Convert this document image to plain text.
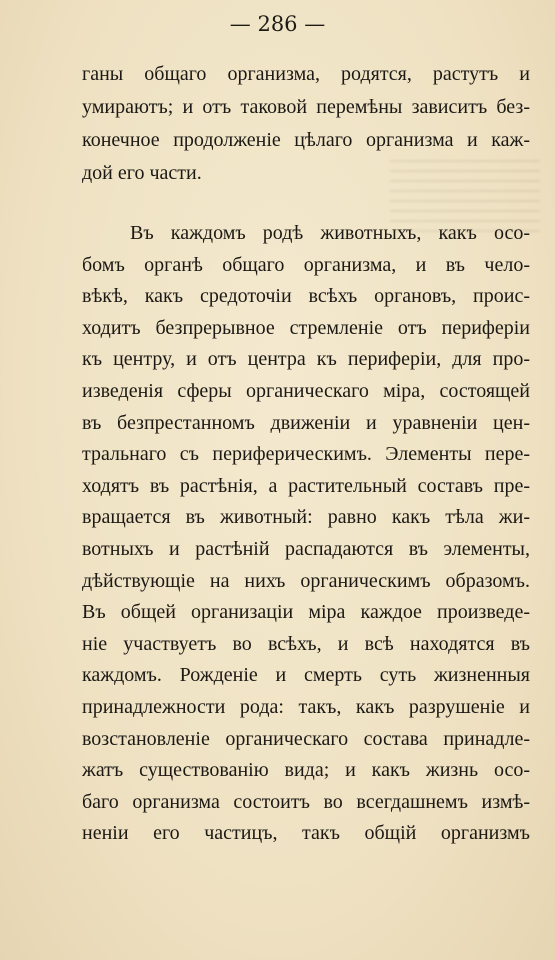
— 286 —

ганы общаго организма, родятся, растутъ и
умираютъ; и отъ таковой перемѣны зависитъ без-
конечное продолженіе цѣлаго организма и каж-
дой его части.
Въ каждомъ родѣ животныхъ, какъ осо-
бомъ органѣ общаго организма, и въ чело-
вѣкѣ, какъ средоточіи всѣхъ органовъ, проис-
ходитъ безпрерывное стремленіе отъ периферіи
къ центру, и отъ центра къ периферіи, для про-
изведенія сферы органическаго міра, состоящей
въ безпрестанномъ движеніи и уравненіи цен-
тральнаго съ периферическимъ. Элементы пере-
ходятъ въ растѣнія, а растительный составъ пре-
вращается въ животный: равно какъ тѣла жи-
вотныхъ и растѣній распадаются въ элементы,
дѣйствующіе на нихъ органическимъ образомъ.
Въ общей организаціи міра каждое произведе-
ніе участвуетъ во всѣхъ, и всѣ находятся въ
каждомъ. Рожденіе и смерть суть жизненныя
принадлежности рода: такъ, какъ разрушеніе и
возстановленіе органическаго состава принадле-
жатъ существованію вида; и какъ жизнь осо-
баго организма состоитъ во всегдашнемъ измѣ-
неніи его частицъ, такъ общій организмъ
